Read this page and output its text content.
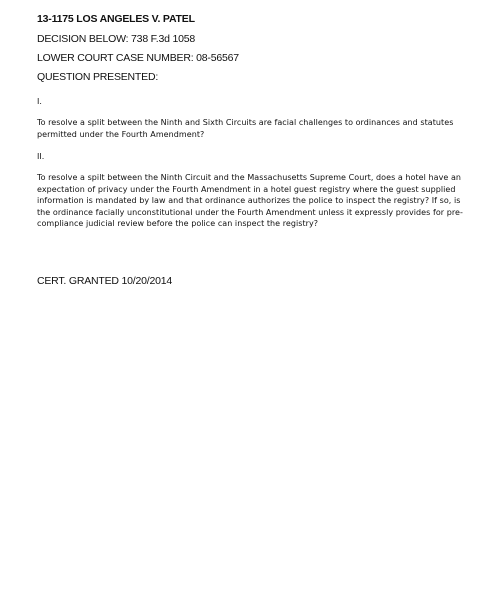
13-1175 LOS ANGELES V. PATEL
DECISION BELOW: 738 F.3d 1058
LOWER COURT CASE NUMBER: 08-56567
QUESTION PRESENTED:
I.
To resolve a split between the Ninth and Sixth Circuits are facial challenges to ordinances and statutes permitted under the Fourth Amendment?
II.
To resolve a spilt between the Ninth Circuit and the Massachusetts Supreme Court, does a hotel have an expectation of privacy under the Fourth Amendment in a hotel guest registry where the guest supplied information is mandated by law and that ordinance authorizes the police to inspect the registry? If so, is the ordinance facially unconstitutional under the Fourth Amendment unless it expressly provides for pre-compliance judicial review before the police can inspect the registry?
CERT. GRANTED 10/20/2014
